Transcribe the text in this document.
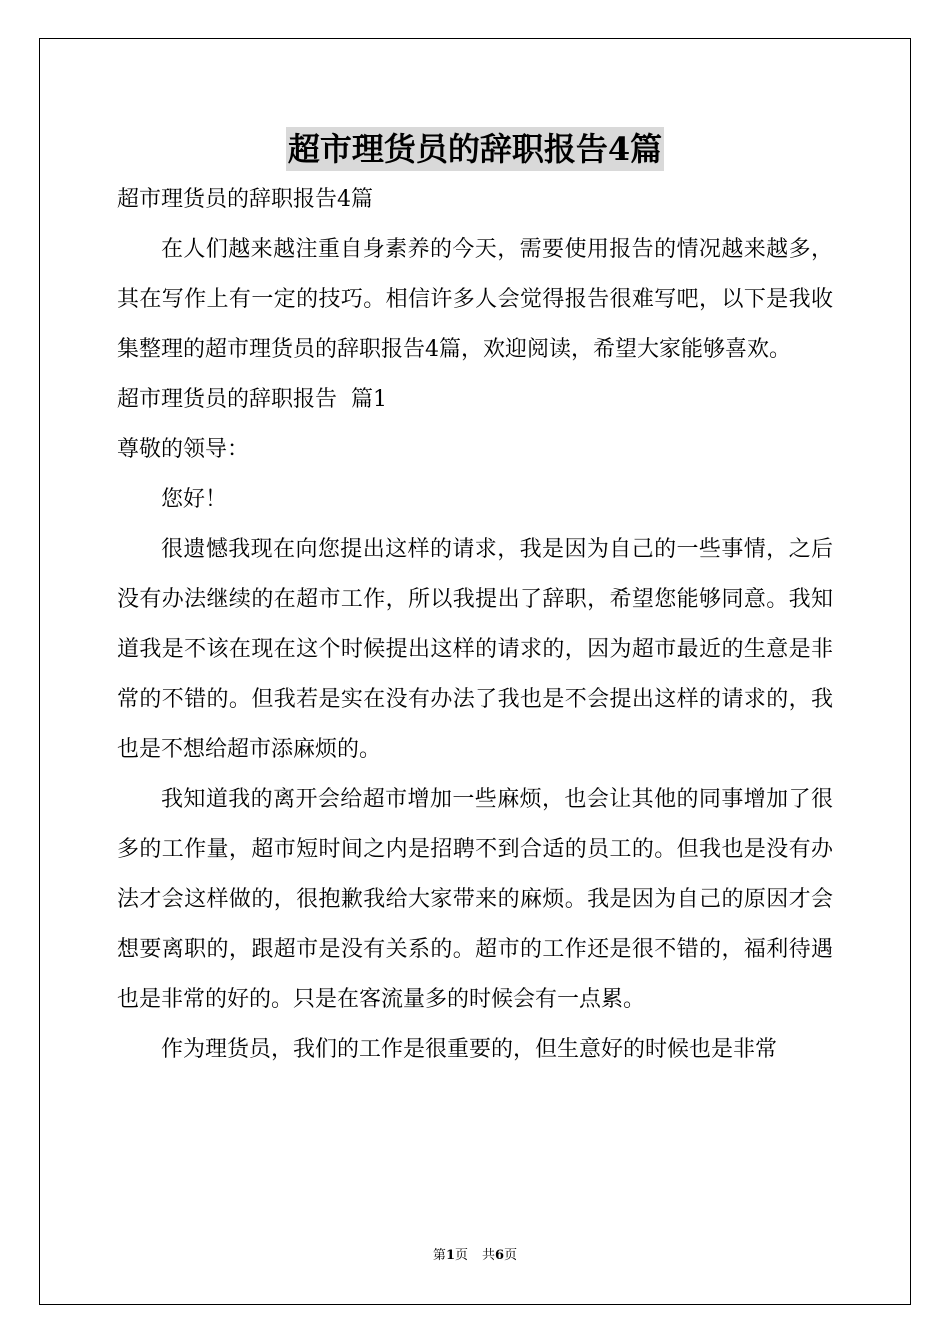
超市理货员的辞职报告4篇
超市理货员的辞职报告4篇

在人们越来越注重自身素养的今天，需要使用报告的情况越来越多，其在写作上有一定的技巧。相信许多人会觉得报告很难写吧，以下是我收集整理的超市理货员的辞职报告4篇，欢迎阅读，希望大家能够喜欢。

超市理货员的辞职报告  篇1
尊敬的领导：

您好！

很遗憾我现在向您提出这样的请求，我是因为自己的一些事情，之后没有办法继续的在超市工作，所以我提出了辞职，希望您能够同意。我知道我是不该在现在这个时候提出这样的请求的，因为超市最近的生意是非常的不错的。但我若是实在没有办法了我也是不会提出这样的请求的，我也是不想给超市添麻烦的。

我知道我的离开会给超市增加一些麻烦，也会让其他的同事增加了很多的工作量，超市短时间之内是招聘不到合适的员工的。但我也是没有办法才会这样做的，很抱歉我给大家带来的麻烦。我是因为自己的原因才会想要离职的，跟超市是没有关系的。超市的工作还是很不错的，福利待遇也是非常的好的。只是在客流量多的时候会有一点累。

作为理货员，我们的工作是很重要的，但生意好的时候也是非常

第1页 共6页
